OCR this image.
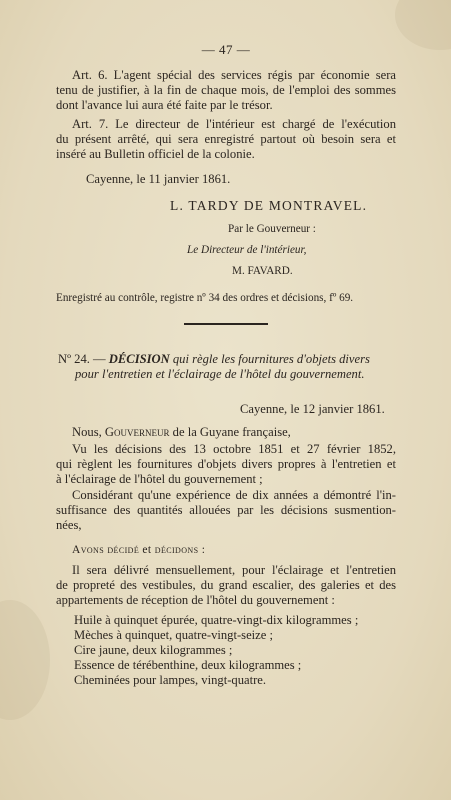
— 47 —
Art. 6. L'agent spécial des services régis par économie sera
tenu de justifier, à la fin de chaque mois, de l'emploi des sommes
dont l'avance lui aura été faite par le trésor.
Art. 7. Le directeur de l'intérieur est chargé de l'exécution
du présent arrêté, qui sera enregistré partout où besoin sera et
inséré au Bulletin officiel de la colonie.
Cayenne, le 11 janvier 1861.
L. TARDY DE MONTRAVEL.
Par le Gouverneur :
Le Directeur de l'intérieur,
M. FAVARD.
Enregistré au contrôle, registre nº 34 des ordres et décisions, fº 69.
Nº 24. — DÉCISION qui règle les fournitures d'objets divers
pour l'entretien et l'éclairage de l'hôtel du gouvernement.
Cayenne, le 12 janvier 1861.
Nous, Gouverneur de la Guyane française,
Vu les décisions des 13 octobre 1851 et 27 février 1852,
qui règlent les fournitures d'objets divers propres à l'entretien et
à l'éclairage de l'hôtel du gouvernement ;
Considérant qu'une expérience de dix années a démontré l'in-
suffisance des quantités allouées par les décisions susmention-
nées,
Avons décidé et décidons :
Il sera délivré mensuellement, pour l'éclairage et l'entretien
de propreté des vestibules, du grand escalier, des galeries et des
appartements de réception de l'hôtel du gouvernement :
Huile à quinquet épurée, quatre-vingt-dix kilogrammes ;
Mèches à quinquet, quatre-vingt-seize ;
Cire jaune, deux kilogrammes ;
Essence de térébenthine, deux kilogrammes ;
Cheminées pour lampes, vingt-quatre.
